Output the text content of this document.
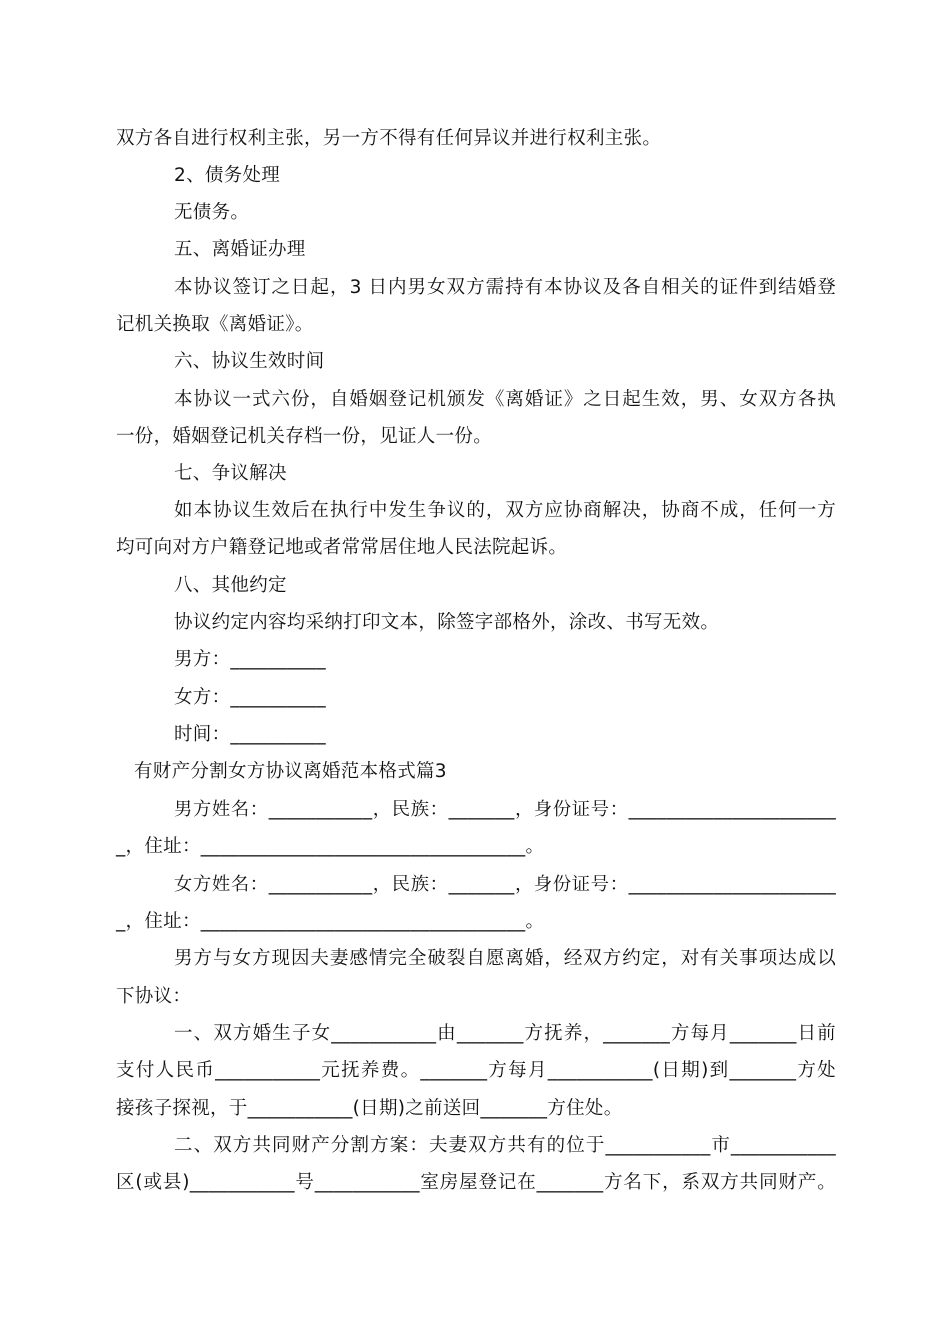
双方各自进行权利主张，另一方不得有任何异议并进行权利主张。
2、债务处理
无债务。
五、离婚证办理
本协议签订之日起，3 日内男女双方需持有本协议及各自相关的证件到结婚登
记机关换取《离婚证》。
六、协议生效时间
本协议一式六份，自婚姻登记机颁发《离婚证》之日起生效，男、女双方各执
一份，婚姻登记机关存档一份，见证人一份。
七、争议解决
如本协议生效后在执行中发生争议的，双方应协商解决，协商不成，任何一方
均可向对方户籍登记地或者常常居住地人民法院起诉。
八、其他约定
协议约定内容均采纳打印文本，除签字部格外，涂改、书写无效。
男方：__________
女方：__________
时间：__________
有财产分割女方协议离婚范本格式篇3
男方姓名：___________，民族：_______，身份证号：______________________
_，住址：__________________________________。
女方姓名：___________，民族：_______，身份证号：______________________
_，住址：__________________________________。
男方与女方现因夫妻感情完全破裂自愿离婚，经双方约定，对有关事项达成以
下协议：
一、双方婚生子女___________由_______方抚养，_______方每月_______日前
支付人民币___________元抚养费。_______方每月___________(日期)到_______方处
接孩子探视，于___________(日期)之前送回_______方住处。
二、双方共同财产分割方案：夫妻双方共有的位于___________市___________
区(或县)___________号___________室房屋登记在_______方名下，系双方共同财产。
